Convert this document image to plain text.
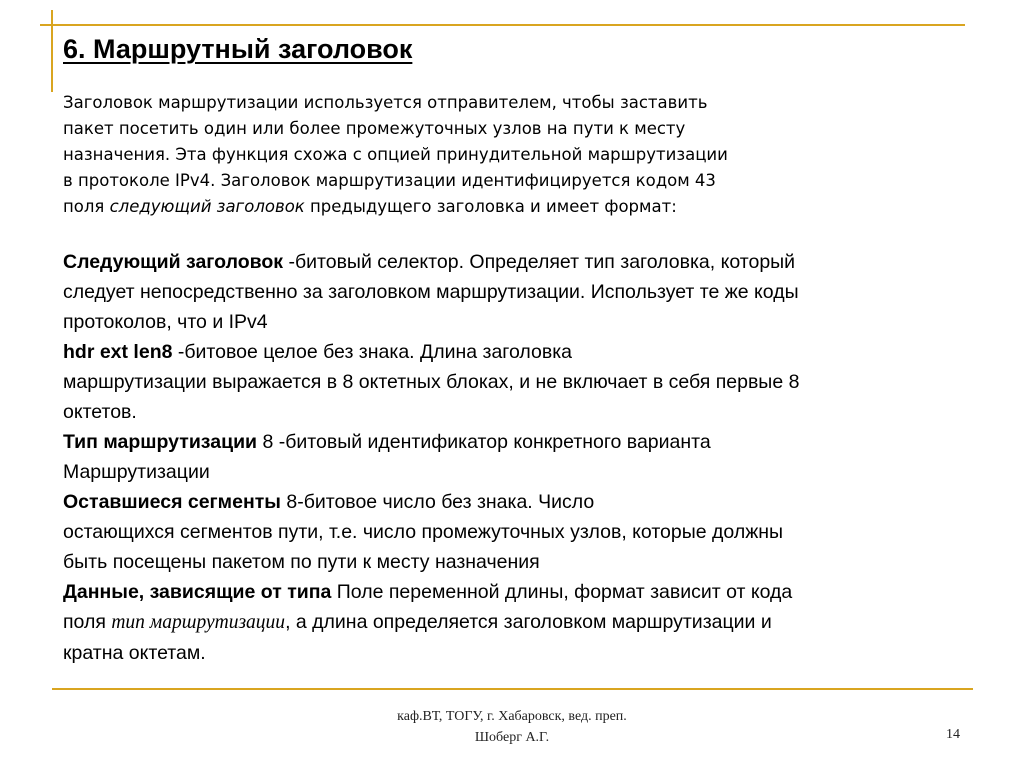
6. Маршрутный заголовок
Заголовок маршрутизации используется отправителем, чтобы заставить
пакет посетить один или более промежуточных узлов на пути к месту
назначения. Эта функция схожа с опцией принудительной маршрутизации
в протоколе IPv4. Заголовок маршрутизации идентифицируется кодом 43
поля следующий заголовок предыдущего заголовка и имеет формат:
Следующий заголовок -битовый селектор. Определяет тип заголовка, который
следует непосредственно за заголовком маршрутизации. Использует те же коды
протоколов, что и IPv4
hdr ext len8 -битовое целое без знака. Длина заголовка
маршрутизации выражается в 8 октетных блоках, и не включает в себя первые 8
октетов.
Тип маршрутизации 8 -битовый идентификатор конкретного варианта
Маршрутизации
Оставшиеся сегменты 8-битовое число без знака. Число
остающихся сегментов пути, т.е. число промежуточных узлов, которые должны
быть посещены пакетом по пути к месту назначения
Данные, зависящие от типа Поле переменной длины, формат зависит от кода
поля тип маршрутизации, а длина определяется заголовком маршрутизации и
кратна октетам.
каф.ВТ, ТОГУ, г. Хабаровск, вед. преп.
Шоберг А.Г.	14
